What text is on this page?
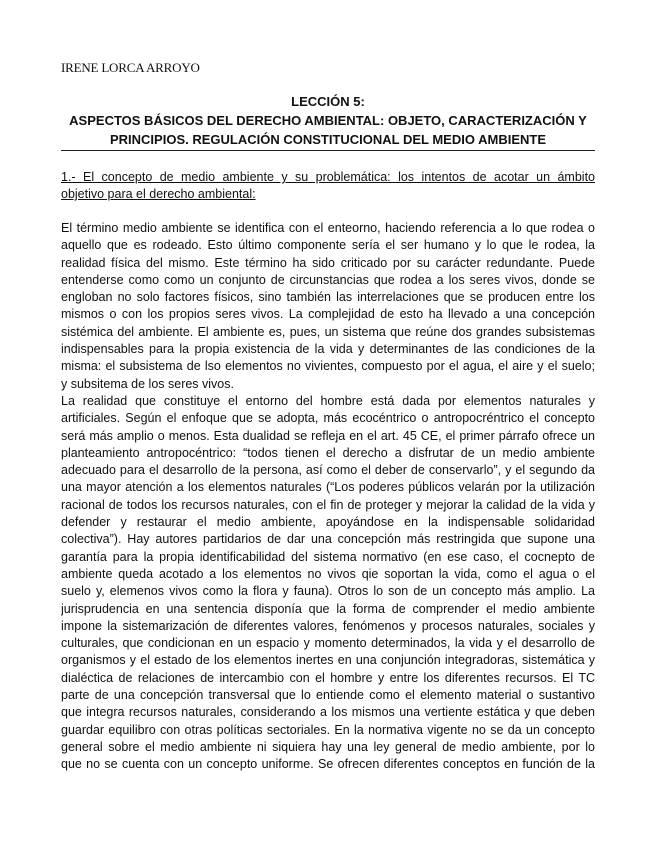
IRENE LORCA ARROYO
LECCIÓN 5:
ASPECTOS BÁSICOS DEL DERECHO AMBIENTAL: OBJETO, CARACTERIZACIÓN Y
PRINCIPIOS. REGULACIÓN CONSTITUCIONAL DEL MEDIO AMBIENTE
1.- El concepto de medio ambiente y su problemática: los intentos de acotar un ámbito
objetivo para el derecho ambiental:
El término medio ambiente se identifica con el enteorno, haciendo referencia a lo que rodea o
aquello que es rodeado. Esto último componente sería el ser humano y lo que le rodea, la
realidad física del mismo. Este término ha sido criticado por su carácter redundante. Puede
entenderse como como un conjunto de circunstancias que rodea a los seres vivos, donde se
engloban no solo factores físicos, sino también las interrelaciones que se producen entre los
mismos o con los propios seres vivos. La complejidad de esto ha llevado a una concepción
sistémica del ambiente. El ambiente es, pues, un sistema que reúne dos grandes subsistemas
indispensables para la propia existencia de la vida y determinantes de las condiciones de la
misma: el subsistema de lso elementos no vivientes, compuesto por el agua, el aire y el suelo;
y subsitema de los seres vivos.
La realidad que constituye el entorno del hombre está dada por elementos naturales y
artificiales. Según el enfoque que se adopta, más ecocéntrico o antropocréntrico el concepto
será más amplio o menos. Esta dualidad se refleja en el art. 45 CE, el primer párrafo ofrece un
planteamiento antropocéntrico: “todos tienen el derecho a disfrutar de un medio ambiente
adecuado para el desarrollo de la persona, así como el deber de conservarlo”, y el segundo da
una mayor atención a los elementos naturales (“Los poderes públicos velarán por la utilización
racional de todos los recursos naturales, con el fin de proteger y mejorar la calidad de la vida y
defender y restaurar el medio ambiente, apoyándose en la indispensable solidaridad
colectiva”). Hay autores partidarios de dar una concepción más restringida que supone una
garantía para la propia identificabilidad del sistema normativo (en ese caso, el cocnepto de
ambiente queda acotado a los elementos no vivos qie soportan la vida, como el agua o el
suelo y, elemenos vivos como la flora y fauna). Otros lo son de un concepto más amplio. La
jurisprudencia en una sentencia disponía que la forma de comprender el medio ambiente
impone la sistemarización de diferentes valores, fenómenos y procesos naturales, sociales y
culturales, que condicionan en un espacio y momento determinados, la vida y el desarrollo de
organismos y el estado de los elementos inertes en una conjunción integradoras, sistemática y
dialéctica de relaciones de intercambio con el hombre y entre los diferentes recursos. El TC
parte de una concepción transversal que lo entiende como el elemento material o sustantivo
que integra recursos naturales, considerando a los mismos una vertiente estática y que deben
guardar equilibro con otras políticas sectoriales. En la normativa vigente no se da un concepto
general sobre el medio ambiente ni siquiera hay una ley general de medio ambiente, por lo
que no se cuenta con un concepto uniforme. Se ofrecen diferentes conceptos en función de la
